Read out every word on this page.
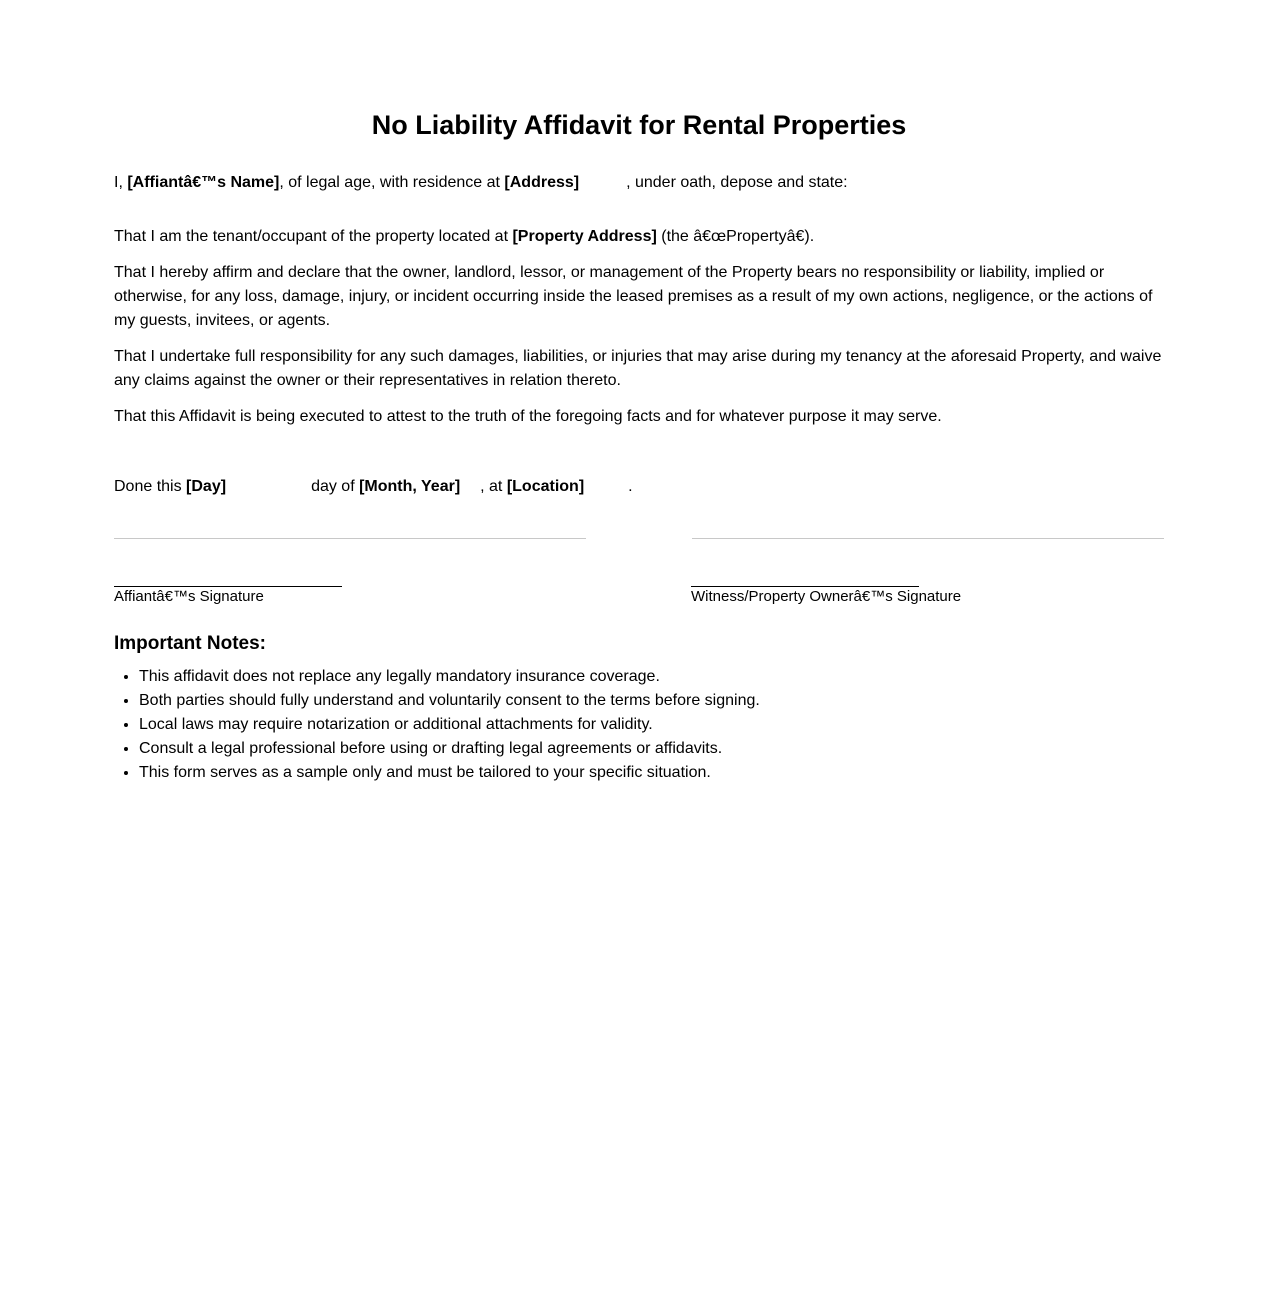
No Liability Affidavit for Rental Properties
I, [Affiantâ€™s Name], of legal age, with residence at [Address]	, under oath, depose and state:
That I am the tenant/occupant of the property located at [Property Address] (the â€œPropertyâ€).
That I hereby affirm and declare that the owner, landlord, lessor, or management of the Property bears no responsibility or liability, implied or otherwise, for any loss, damage, injury, or incident occurring inside the leased premises as a result of my own actions, negligence, or the actions of my guests, invitees, or agents.
That I undertake full responsibility for any such damages, liabilities, or injuries that may arise during my tenancy at the aforesaid Property, and waive any claims against the owner or their representatives in relation thereto.
That this Affidavit is being executed to attest to the truth of the foregoing facts and for whatever purpose it may serve.
Done this [Day]	day of [Month, Year] , at [Location]	.
Affiantâ€™s Signature	Witness/Property Ownerâ€™s Signature
Important Notes:
• This affidavit does not replace any legally mandatory insurance coverage.
• Both parties should fully understand and voluntarily consent to the terms before signing.
• Local laws may require notarization or additional attachments for validity.
• Consult a legal professional before using or drafting legal agreements or affidavits.
• This form serves as a sample only and must be tailored to your specific situation.
